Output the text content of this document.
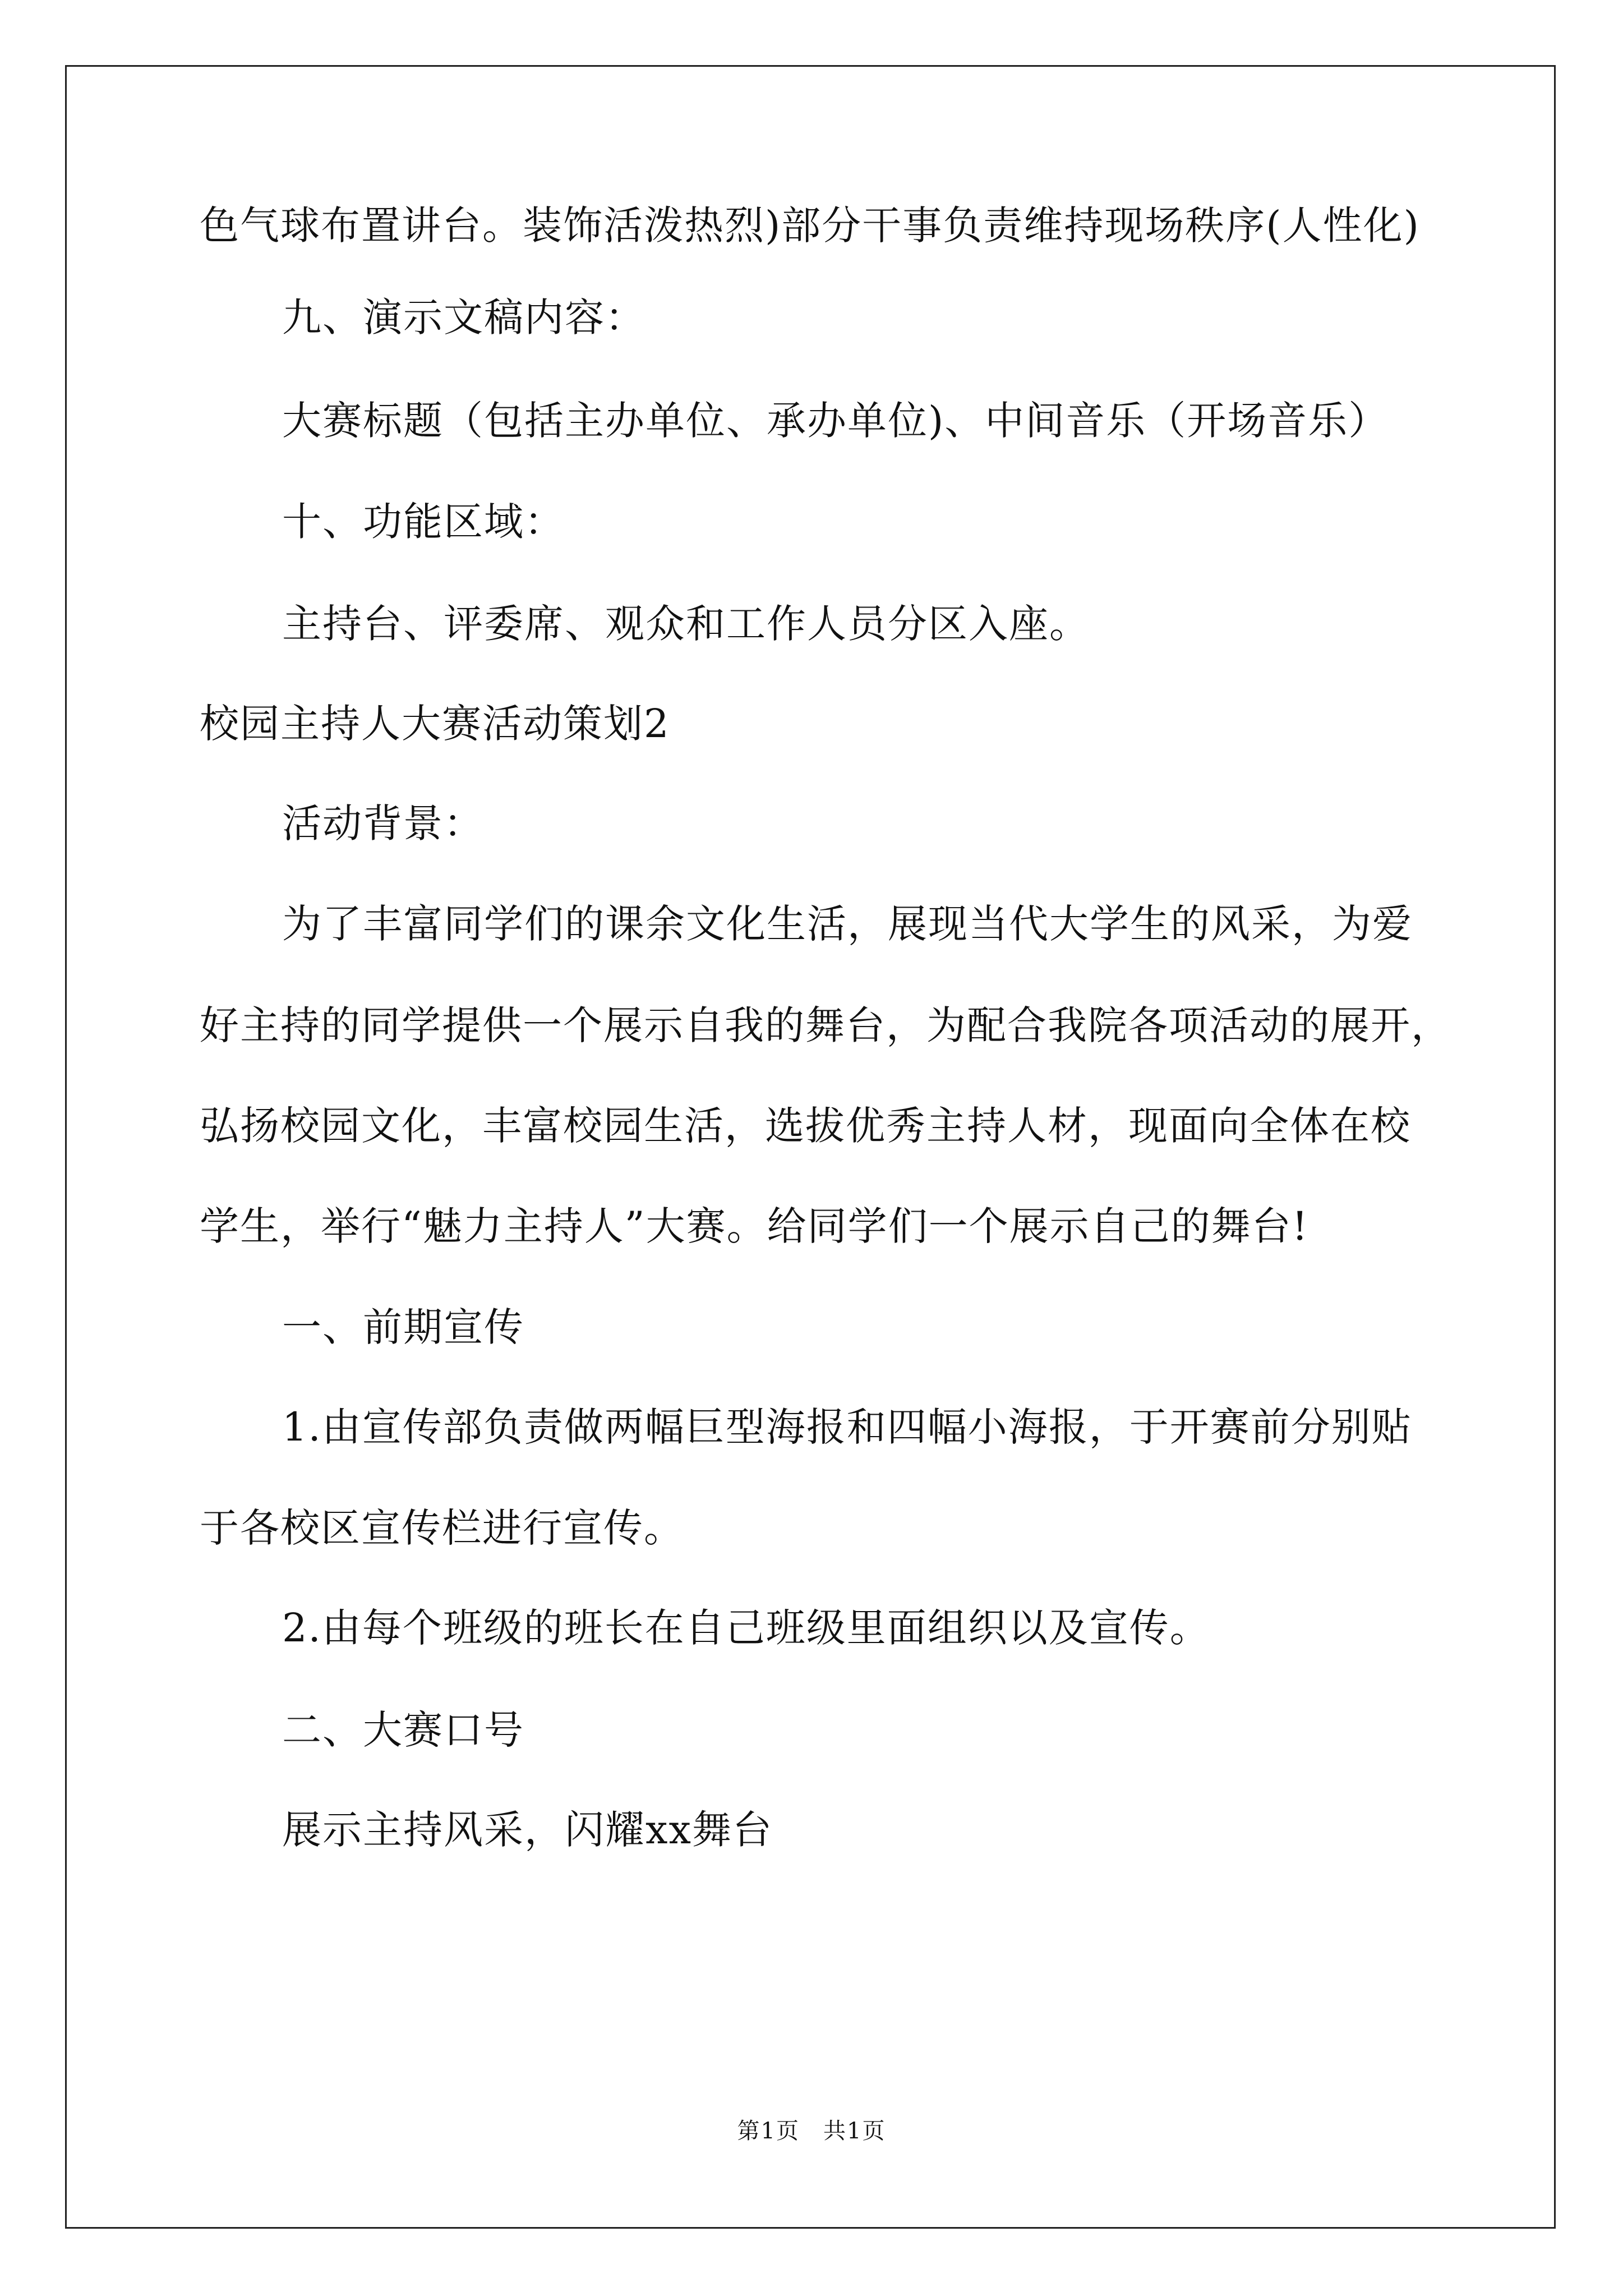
色气球布置讲台。装饰活泼热烈)部分干事负责维持现场秩序(人性化)
九、演示文稿内容：
大赛标题（包括主办单位、承办单位)、中间音乐（开场音乐）
十、功能区域：
主持台、评委席、观众和工作人员分区入座。
校园主持人大赛活动策划2
活动背景：
为了丰富同学们的课余文化生活，展现当代大学生的风采，为爱
好主持的同学提供一个展示自我的舞台，为配合我院各项活动的展开，
弘扬校园文化，丰富校园生活，选拔优秀主持人材，现面向全体在校
学生，举行“魅力主持人”大赛。给同学们一个展示自己的舞台!
一、前期宣传
1.由宣传部负责做两幅巨型海报和四幅小海报，于开赛前分别贴
于各校区宣传栏进行宣传。
2.由每个班级的班长在自己班级里面组织以及宣传。
二、大赛口号
展示主持风采，闪耀xx舞台
第1页　共1页
